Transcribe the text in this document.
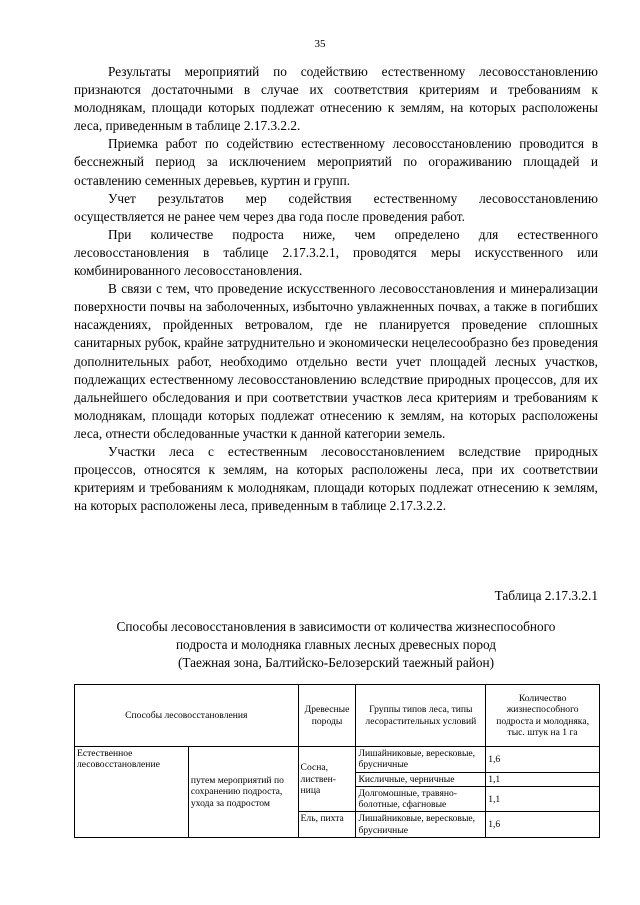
35

Результаты мероприятий по содействию естественному лесовосстановлению признаются достаточными в случае их соответствия критериям и требованиям к молоднякам, площади которых подлежат отнесению к землям, на которых расположены леса, приведенным в таблице 2.17.3.2.2.

Приемка работ по содействию естественному лесовосстановлению проводится в бесснежный период за исключением мероприятий по огораживанию площадей и оставлению семенных деревьев, куртин и групп.

Учет результатов мер содействия естественному лесовосстановлению осуществляется не ранее чем через два года после проведения работ.

При количестве подроста ниже, чем определено для естественного лесовосстановления в таблице 2.17.3.2.1, проводятся меры искусственного или комбинированного лесовосстановления.

В связи с тем, что проведение искусственного лесовосстановления и минерализации поверхности почвы на заболоченных, избыточно увлажненных почвах, а также в погибших насаждениях, пройденных ветровалом, где не планируется проведение сплошных санитарных рубок, крайне затруднительно и экономически нецелесообразно без проведения дополнительных работ, необходимо отдельно вести учет площадей лесных участков, подлежащих естественному лесовосстановлению вследствие природных процессов, для их дальнейшего обследования и при соответствии участков леса критериям и требованиям к молоднякам, площади которых подлежат отнесению к землям, на которых расположены леса, отнести обследованные участки к данной категории земель.

Участки леса с естественным лесовосстановлением вследствие природных процессов, относятся к землям, на которых расположены леса, при их соответствии критериям и требованиям к молоднякам, площади которых подлежат отнесению к землям, на которых расположены леса, приведенным в таблице 2.17.3.2.2.

Таблица 2.17.3.2.1
Способы лесовосстановления в зависимости от количества жизнеспособного
подроста и молодняка главных лесных древесных пород
(Таежная зона, Балтийско-Белозерский таежный район)
Способы лесовосстановления		Древесные породы	Группы типов леса, типы лесорастительных условий	Количество жизнеспособного подроста и молодняка, тыс. штук на 1 га
Естественное лесовосстановление	путем мероприятий по сохранению подроста, ухода за подростом	Сосна, листвен-ница	Лишайниковые, вересковые, брусничные	1,6
			Кисличные, черничные	1,1
			Долгомошные, травяно-болотные, сфагновые	1,1
		Ель, пихта	Лишайниковые, вересковые, брусничные	1,6
